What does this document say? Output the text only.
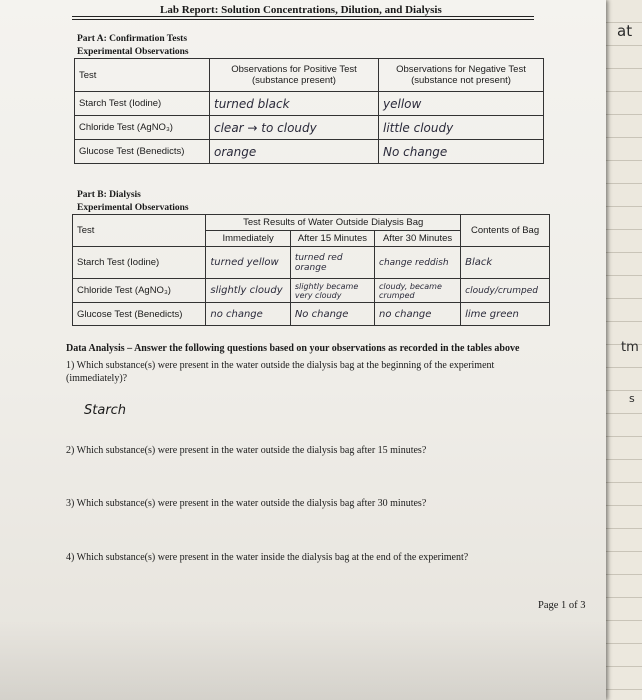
at
tm
s
Lab Report: Solution Concentrations, Dilution, and Dialysis
Part A: Confirmation Tests
Experimental Observations
Test	Observations for Positive Test (substance present)	Observations for Negative Test (substance not present)
Starch Test (Iodine)	turned black	yellow
Chloride Test (AgNO₃)	clear → to cloudy	little cloudy
Glucose Test (Benedicts)	orange	No change
Part B: Dialysis
Experimental Observations
Test	Test Results of Water Outside Dialysis Bag			Contents of Bag
	Immediately	After 15 Minutes	After 30 Minutes	
Starch Test (Iodine)	turned yellow	turned red orange	change reddish	Black
Chloride Test (AgNO₃)	slightly cloudy	slightly became very cloudy	cloudy, became crumped	cloudy/crumped
Glucose Test (Benedicts)	no change	No change	no change	lime green
Data Analysis – Answer the following questions based on your observations as recorded in the tables above
1) Which substance(s) were present in the water outside the dialysis bag at the beginning of the experiment (immediately)?
Starch
2) Which substance(s) were present in the water outside the dialysis bag after 15 minutes?
3) Which substance(s) were present in the water outside the dialysis bag after 30 minutes?
4) Which substance(s) were present in the water inside the dialysis bag at the end of the experiment?
Page 1 of 3
